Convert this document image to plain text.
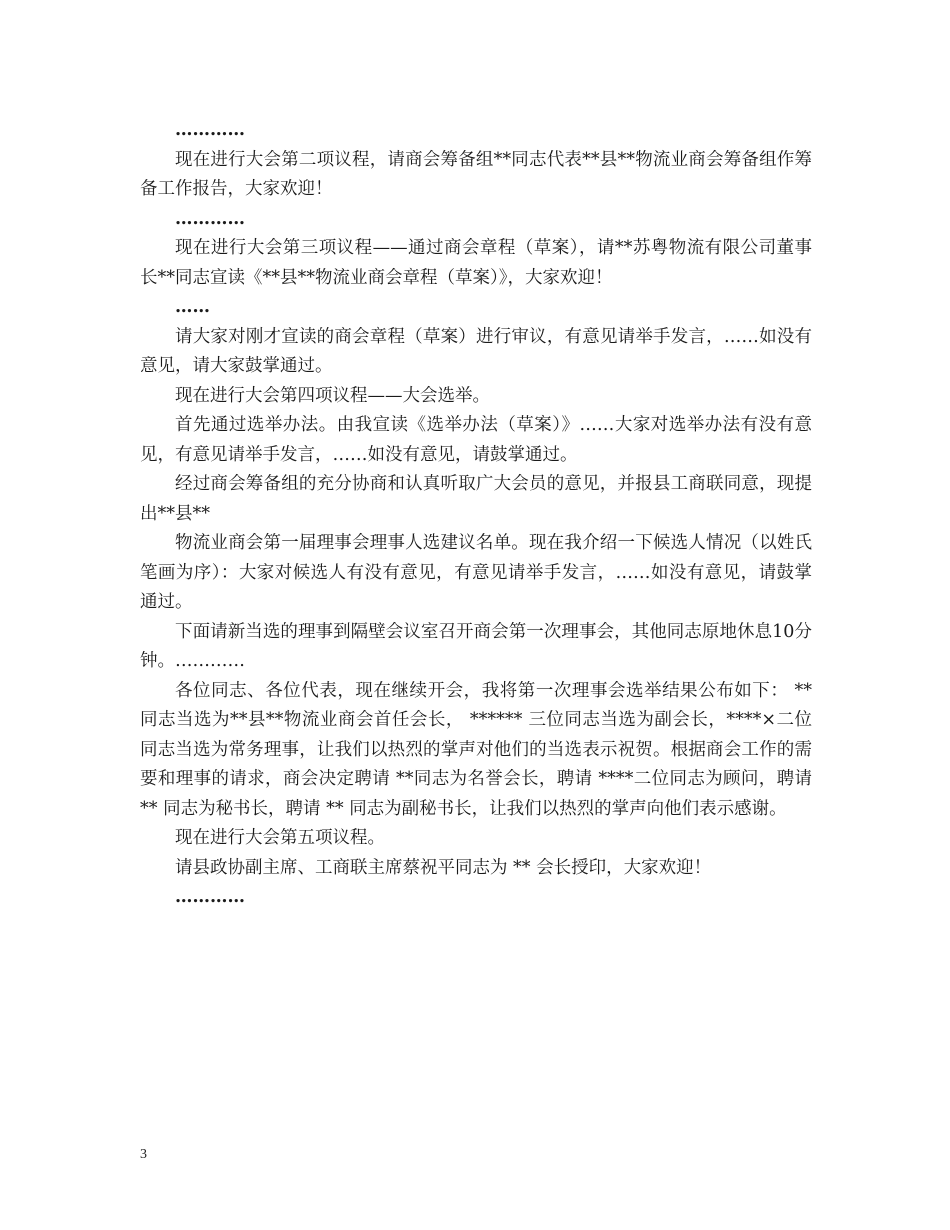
…………

现在进行大会第二项议程，请商会筹备组**同志代表**县**物流业商会筹备组作筹备工作报告，大家欢迎！

…………

现在进行大会第三项议程——通过商会章程（草案），请**苏粤物流有限公司董事长**同志宣读《**县**物流业商会章程（草案）》，大家欢迎！

……

请大家对刚才宣读的商会章程（草案）进行审议，有意见请举手发言，……如没有意见，请大家鼓掌通过。

现在进行大会第四项议程——大会选举。

首先通过选举办法。由我宣读《选举办法（草案）》……大家对选举办法有没有意见，有意见请举手发言，……如没有意见，请鼓掌通过。

经过商会筹备组的充分协商和认真听取广大会员的意见，并报县工商联同意，现提出**县**

物流业商会第一届理事会理事人选建议名单。现在我介绍一下候选人情况（以姓氏笔画为序）：大家对候选人有没有意见，有意见请举手发言，……如没有意见，请鼓掌通过。

下面请新当选的理事到隔壁会议室召开商会第一次理事会，其他同志原地休息10分钟。…………

各位同志、各位代表，现在继续开会，我将第一次理事会选举结果公布如下： ** 同志当选为**县**物流业商会首任会长， ****** 三位同志当选为副会长，****×二位同志当选为常务理事，让我们以热烈的掌声对他们的当选表示祝贺。根据商会工作的需要和理事的请求，商会决定聘请 **同志为名誉会长，聘请 ****二位同志为顾问，聘请 ** 同志为秘书长，聘请 ** 同志为副秘书长，让我们以热烈的掌声向他们表示感谢。

现在进行大会第五项议程。

请县政协副主席、工商联主席蔡祝平同志为 ** 会长授印，大家欢迎！

…………

3
